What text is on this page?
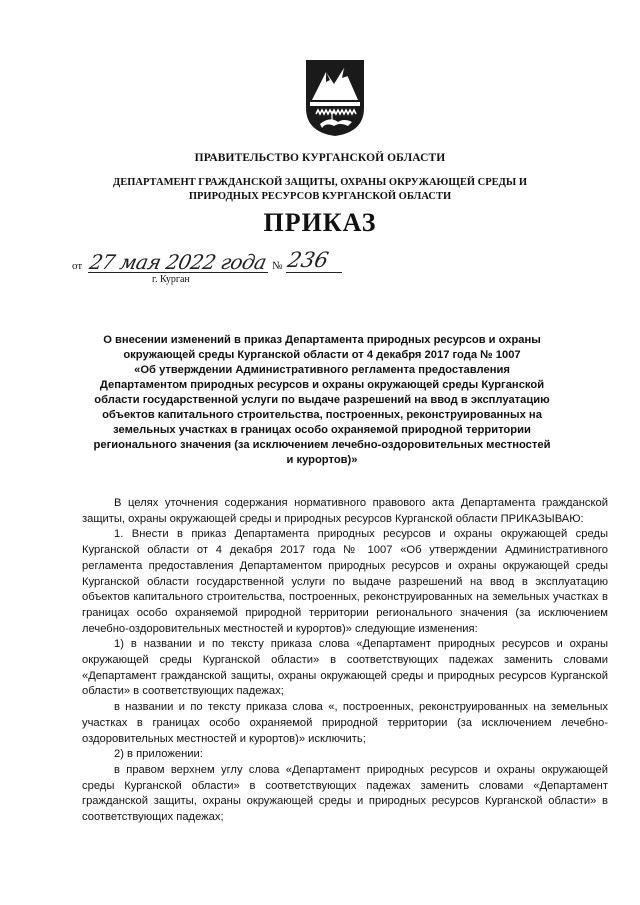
ПРАВИТЕЛЬСТВО КУРГАНСКОЙ ОБЛАСТИ
ДЕПАРТАМЕНТ ГРАЖДАНСКОЙ ЗАЩИТЫ, ОХРАНЫ ОКРУЖАЮЩЕЙ СРЕДЫ И
ПРИРОДНЫХ РЕСУРСОВ КУРГАНСКОЙ ОБЛАСТИ
ПРИКАЗ
от 27 мая 2022 года № 236
г. Курган
О внесении изменений в приказ Департамента природных ресурсов и охраны
окружающей среды Курганской области от 4 декабря 2017 года № 1007
«Об утверждении Административного регламента предоставления
Департаментом природных ресурсов и охраны окружающей среды Курганской
области государственной услуги по выдаче разрешений на ввод в эксплуатацию
объектов капитального строительства, построенных, реконструированных на
земельных участках в границах особо охраняемой природной территории
регионального значения (за исключением лечебно-оздоровительных местностей
и курортов)»

В целях уточнения содержания нормативного правового акта Департамента гражданской защиты, охраны окружающей среды и природных ресурсов Курганской области ПРИКАЗЫВАЮ:

1. Внести в приказ Департамента природных ресурсов и охраны окружающей среды Курганской области от 4 декабря 2017 года № 1007 «Об утверждении Административного регламента предоставления Департаментом природных ресурсов и охраны окружающей среды Курганской области государственной услуги по выдаче разрешений на ввод в эксплуатацию объектов капитального строительства, построенных, реконструированных на земельных участках в границах особо охраняемой природной территории регионального значения (за исключением лечебно-оздоровительных местностей и курортов)» следующие изменения:

1) в названии и по тексту приказа слова «Департамент природных ресурсов и охраны окружающей среды Курганской области» в соответствующих падежах заменить словами «Департамент гражданской защиты, охраны окружающей среды и природных ресурсов Курганской области» в соответствующих падежах;

в названии и по тексту приказа слова «, построенных, реконструированных на земельных участках в границах особо охраняемой природной территории (за исключением лечебно-оздоровительных местностей и курортов)» исключить;

2) в приложении:

в правом верхнем углу слова «Департамент природных ресурсов и охраны окружающей среды Курганской области» в соответствующих падежах заменить словами «Департамент гражданской защиты, охраны окружающей среды и природных ресурсов Курганской области» в соответствующих падежах;
